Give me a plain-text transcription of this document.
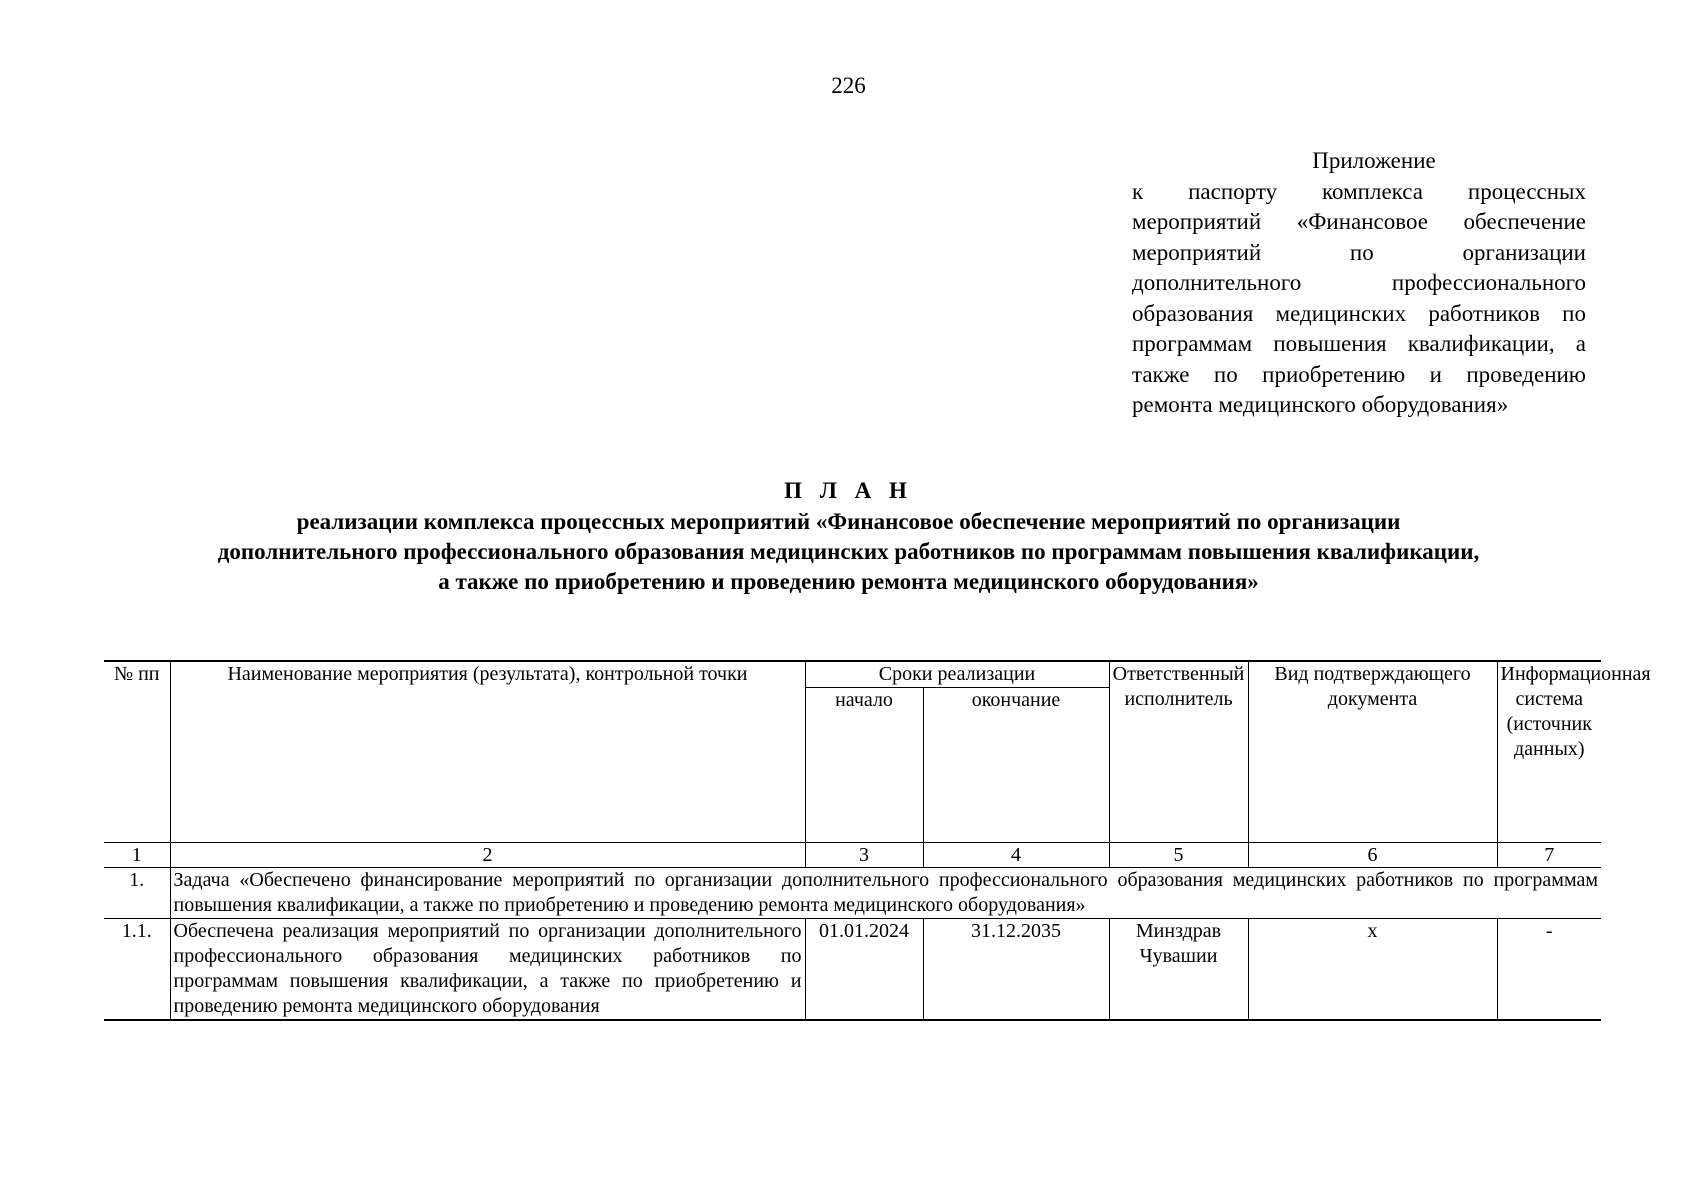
226
Приложение
к паспорту комплекса процессных мероприятий «Финансовое обеспечение мероприятий по организации дополнительного профессионального образования медицинских работников по программам повышения квалификации, а также по приобретению и проведению ремонта медицинского оборудования»
П Л А Н
реализации комплекса процессных мероприятий «Финансовое обеспечение мероприятий по организации
дополнительного профессионального образования медицинских работников по программам повышения квалификации,
а также по приобретению и проведению ремонта медицинского оборудования»
№ пп	Наименование мероприятия (результата), контрольной точки	Сроки реализации		Ответственный исполнитель	Вид подтверждающего документа	Информационная система (источник данных)
		начало	окончание			
1	2	3	4	5	6	7
1.	Задача «Обеспечено финансирование мероприятий по организации дополнительного профессионального образования медицинских работников по программам повышения квалификации, а также по приобретению и проведению ремонта медицинского оборудования»					
1.1.	Обеспечена реализация мероприятий по организации дополнительного профессионального образования медицинских работников по программам повышения квалификации, а также по приобретению и проведению ремонта медицинского оборудования	01.01.2024	31.12.2035	Минздрав Чувашии	х	-
